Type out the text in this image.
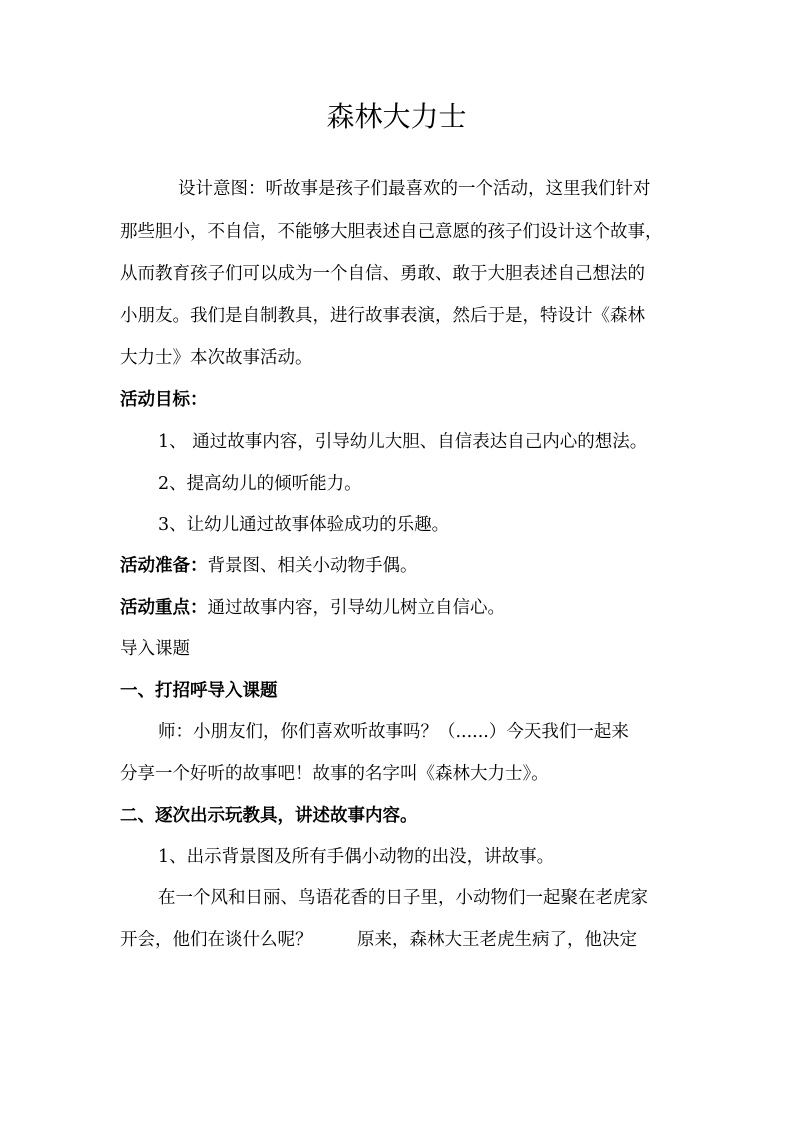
森林大力士
设计意图：听故事是孩子们最喜欢的一个活动，这里我们针对
那些胆小，不自信，不能够大胆表述自己意愿的孩子们设计这个故事，
从而教育孩子们可以成为一个自信、勇敢、敢于大胆表述自己想法的
小朋友。我们是自制教具，进行故事表演，然后于是，特设计《森林
大力士》本次故事活动。
活动目标：
1、 通过故事内容，引导幼儿大胆、自信表达自己内心的想法。
2、提高幼儿的倾听能力。
3、让幼儿通过故事体验成功的乐趣。
活动准备：背景图、相关小动物手偶。
活动重点：通过故事内容，引导幼儿树立自信心。
导入课题
一、打招呼导入课题
师：小朋友们，你们喜欢听故事吗？（......）今天我们一起来
分享一个好听的故事吧！故事的名字叫《森林大力士》。
二、逐次出示玩教具，讲述故事内容。
1、出示背景图及所有手偶小动物的出没，讲故事。
在一个风和日丽、鸟语花香的日子里，小动物们一起聚在老虎家
开会，他们在谈什么呢？        原来，森林大王老虎生病了，他决定
